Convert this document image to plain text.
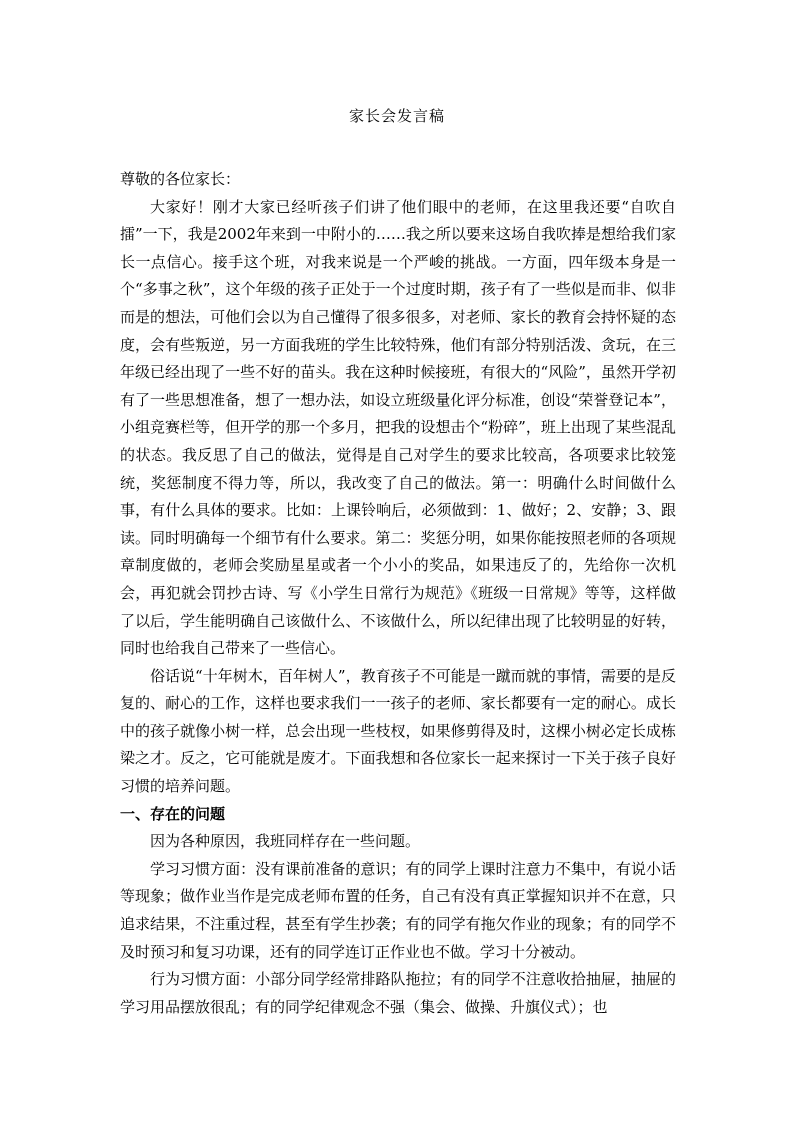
家长会发言稿

尊敬的各位家长：

大家好！刚才大家已经听孩子们讲了他们眼中的老师，在这里我还要“自吹自擂”一下，我是2002年来到一中附小的……我之所以要来这场自我吹捧是想给我们家长一点信心。接手这个班，对我来说是一个严峻的挑战。一方面，四年级本身是一个“多事之秋”，这个年级的孩子正处于一个过度时期，孩子有了一些似是而非、似非而是的想法，可他们会以为自己懂得了很多很多，对老师、家长的教育会持怀疑的态度，会有些叛逆，另一方面我班的学生比较特殊，他们有部分特别活泼、贪玩，在三年级已经出现了一些不好的苗头。我在这种时候接班，有很大的“风险”，虽然开学初有了一些思想准备，想了一想办法，如设立班级量化评分标准，创设“荣誉登记本”，小组竞赛栏等，但开学的那一个多月，把我的设想击个“粉碎”，班上出现了某些混乱的状态。我反思了自己的做法，觉得是自己对学生的要求比较高，各项要求比较笼统，奖惩制度不得力等，所以，我改变了自己的做法。第一：明确什么时间做什么事，有什么具体的要求。比如：上课铃响后，必须做到：1、做好；2、安静；3、跟读。同时明确每一个细节有什么要求。第二：奖惩分明，如果你能按照老师的各项规章制度做的，老师会奖励星星或者一个小小的奖品，如果违反了的，先给你一次机会，再犯就会罚抄古诗、写《小学生日常行为规范》《班级一日常规》等等，这样做了以后，学生能明确自己该做什么、不该做什么，所以纪律出现了比较明显的好转，同时也给我自己带来了一些信心。

俗话说“十年树木，百年树人”，教育孩子不可能是一蹴而就的事情，需要的是反复的、耐心的工作，这样也要求我们一一孩子的老师、家长都要有一定的耐心。成长中的孩子就像小树一样，总会出现一些枝杈，如果修剪得及时，这棵小树必定长成栋梁之才。反之，它可能就是废才。下面我想和各位家长一起来探讨一下关于孩子良好习惯的培养问题。

一、存在的问题

因为各种原因，我班同样存在一些问题。

学习习惯方面：没有课前准备的意识；有的同学上课时注意力不集中，有说小话等现象；做作业当作是完成老师布置的任务，自己有没有真正掌握知识并不在意，只追求结果，不注重过程，甚至有学生抄袭；有的同学有拖欠作业的现象；有的同学不及时预习和复习功课，还有的同学连订正作业也不做。学习十分被动。

行为习惯方面：小部分同学经常排路队拖拉；有的同学不注意收拾抽屉，抽屉的学习用品摆放很乱；有的同学纪律观念不强（集会、做操、升旗仪式）；也
